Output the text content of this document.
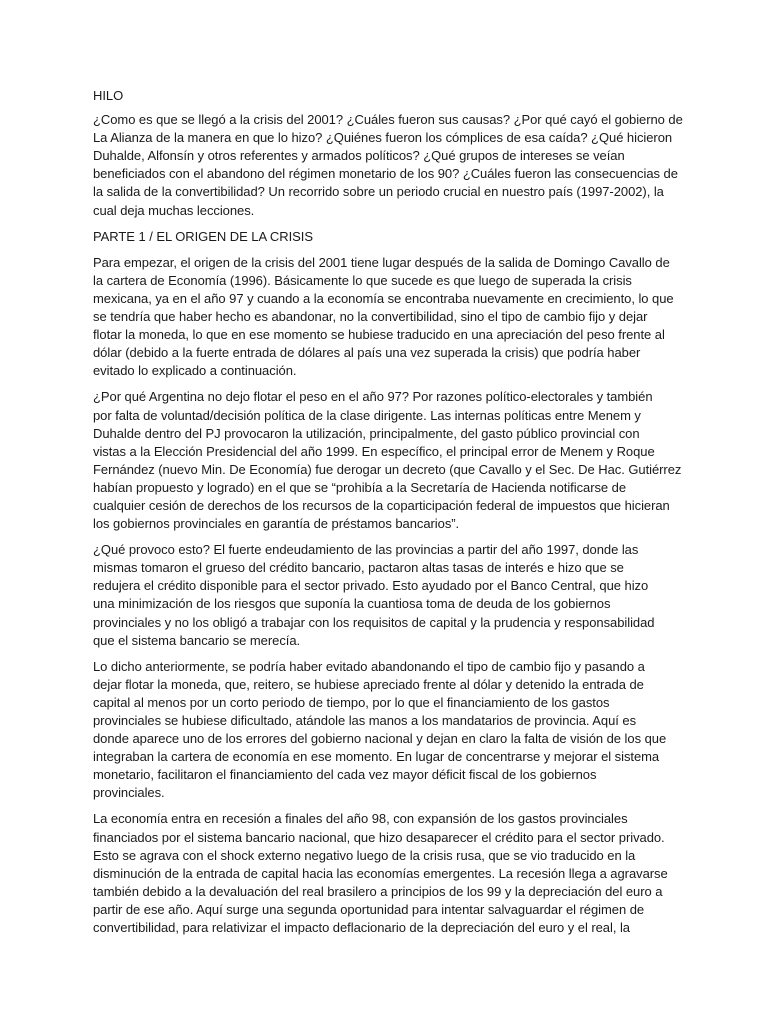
HILO
¿Como es que se llegó a la crisis del 2001? ¿Cuáles fueron sus causas? ¿Por qué cayó el gobierno de
La Alianza de la manera en que lo hizo? ¿Quiénes fueron los cómplices de esa caída? ¿Qué hicieron
Duhalde, Alfonsín y otros referentes y armados políticos? ¿Qué grupos de intereses se veían
beneficiados con el abandono del régimen monetario de los 90? ¿Cuáles fueron las consecuencias de
la salida de la convertibilidad? Un recorrido sobre un periodo crucial en nuestro país (1997-2002), la
cual deja muchas lecciones.
PARTE 1 / EL ORIGEN DE LA CRISIS
Para empezar, el origen de la crisis del 2001 tiene lugar después de la salida de Domingo Cavallo de
la cartera de Economía (1996). Básicamente lo que sucede es que luego de superada la crisis
mexicana, ya en el año 97 y cuando a la economía se encontraba nuevamente en crecimiento, lo que
se tendría que haber hecho es abandonar, no la convertibilidad, sino el tipo de cambio fijo y dejar
flotar la moneda, lo que en ese momento se hubiese traducido en una apreciación del peso frente al
dólar (debido a la fuerte entrada de dólares al país una vez superada la crisis) que podría haber
evitado lo explicado a continuación.
¿Por qué Argentina no dejo flotar el peso en el año 97? Por razones político-electorales y también
por falta de voluntad/decisión política de la clase dirigente. Las internas políticas entre Menem y
Duhalde dentro del PJ provocaron la utilización, principalmente, del gasto público provincial con
vistas a la Elección Presidencial del año 1999. En específico, el principal error de Menem y Roque
Fernández (nuevo Min. De Economía) fue derogar un decreto (que Cavallo y el Sec. De Hac. Gutiérrez
habían propuesto y logrado) en el que se “prohibía a la Secretaría de Hacienda notificarse de
cualquier cesión de derechos de los recursos de la coparticipación federal de impuestos que hicieran
los gobiernos provinciales en garantía de préstamos bancarios”.
¿Qué provoco esto? El fuerte endeudamiento de las provincias a partir del año 1997, donde las
mismas tomaron el grueso del crédito bancario, pactaron altas tasas de interés e hizo que se
redujera el crédito disponible para el sector privado. Esto ayudado por el Banco Central, que hizo
una minimización de los riesgos que suponía la cuantiosa toma de deuda de los gobiernos
provinciales y no los obligó a trabajar con los requisitos de capital y la prudencia y responsabilidad
que el sistema bancario se merecía.
Lo dicho anteriormente, se podría haber evitado abandonando el tipo de cambio fijo y pasando a
dejar flotar la moneda, que, reitero, se hubiese apreciado frente al dólar y detenido la entrada de
capital al menos por un corto periodo de tiempo, por lo que el financiamiento de los gastos
provinciales se hubiese dificultado, atándole las manos a los mandatarios de provincia. Aquí es
donde aparece uno de los errores del gobierno nacional y dejan en claro la falta de visión de los que
integraban la cartera de economía en ese momento. En lugar de concentrarse y mejorar el sistema
monetario, facilitaron el financiamiento del cada vez mayor déficit fiscal de los gobiernos
provinciales.
La economía entra en recesión a finales del año 98, con expansión de los gastos provinciales
financiados por el sistema bancario nacional, que hizo desaparecer el crédito para el sector privado.
Esto se agrava con el shock externo negativo luego de la crisis rusa, que se vio traducido en la
disminución de la entrada de capital hacia las economías emergentes. La recesión llega a agravarse
también debido a la devaluación del real brasilero a principios de los 99 y la depreciación del euro a
partir de ese año. Aquí surge una segunda oportunidad para intentar salvaguardar el régimen de
convertibilidad, para relativizar el impacto deflacionario de la depreciación del euro y el real, la
